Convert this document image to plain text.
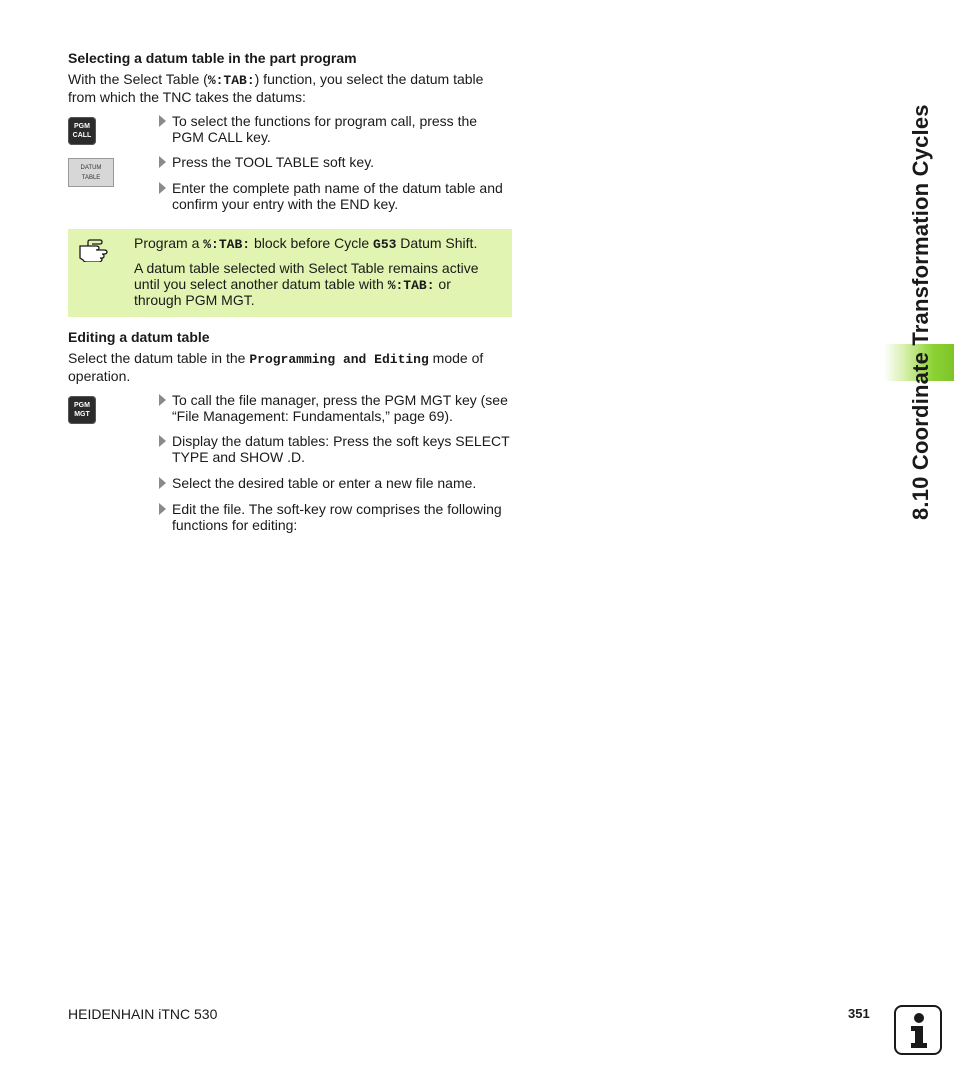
Selecting a datum table in the part program
With the Select Table (%:TAB:) function, you select the datum table
from which the TNC takes the datums:
PGM
CALL
DATUM
TABLE
To select the functions for program call, press the
PGM CALL key.
Press the TOOL TABLE soft key.
Enter the complete path name of the datum table and
confirm your entry with the END key.
Program a %:TAB: block before Cycle G53 Datum Shift.
A datum table selected with Select Table remains active
until you select another datum table with %:TAB: or
through PGM MGT.
Editing a datum table
Select the datum table in the Programming and Editing mode of
operation.
PGM
MGT
To call the file manager, press the PGM MGT key (see
“File Management: Fundamentals,” page 69).
Display the datum tables: Press the soft keys SELECT
TYPE and SHOW .D.
Select the desired table or enter a new file name.
Edit the file. The soft-key row comprises the following
functions for editing:
8.10 Coordinate Transformation Cycles
HEIDENHAIN iTNC 530	351
